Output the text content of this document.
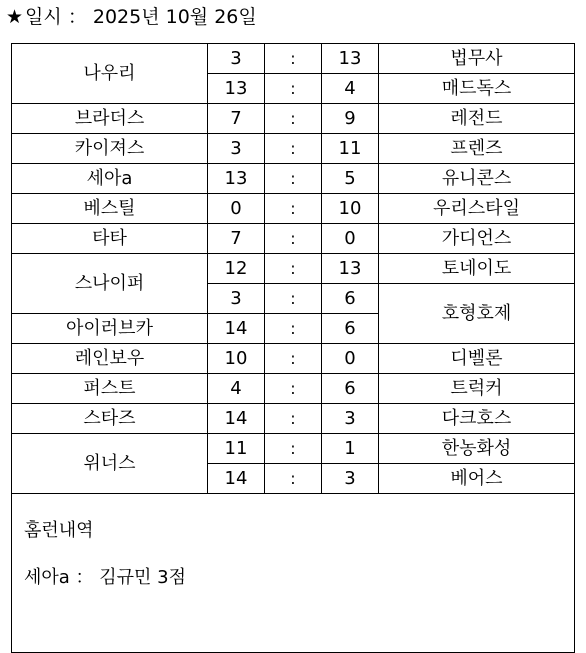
★ 일시 ： 2025년 10월 26일
나우리	3	:	13	법무사
	13	:	4	매드독스
브라더스	7	:	9	레전드
카이져스	3	:	11	프렌즈
세아a	13	:	5	유니콘스
베스틸	0	:	10	우리스타일
타타	7	:	0	가디언스
스나이퍼	12	:	13	토네이도
	3	:	6	호형호제
아이러브카	14	:	6	
레인보우	10	:	0	디벨론
퍼스트	4	:	6	트럭커
스타즈	14	:	3	다크호스
위너스	11	:	1	한농화성
	14	:	3	베어스

홈런내역
세아a ： 김규민 3점				
